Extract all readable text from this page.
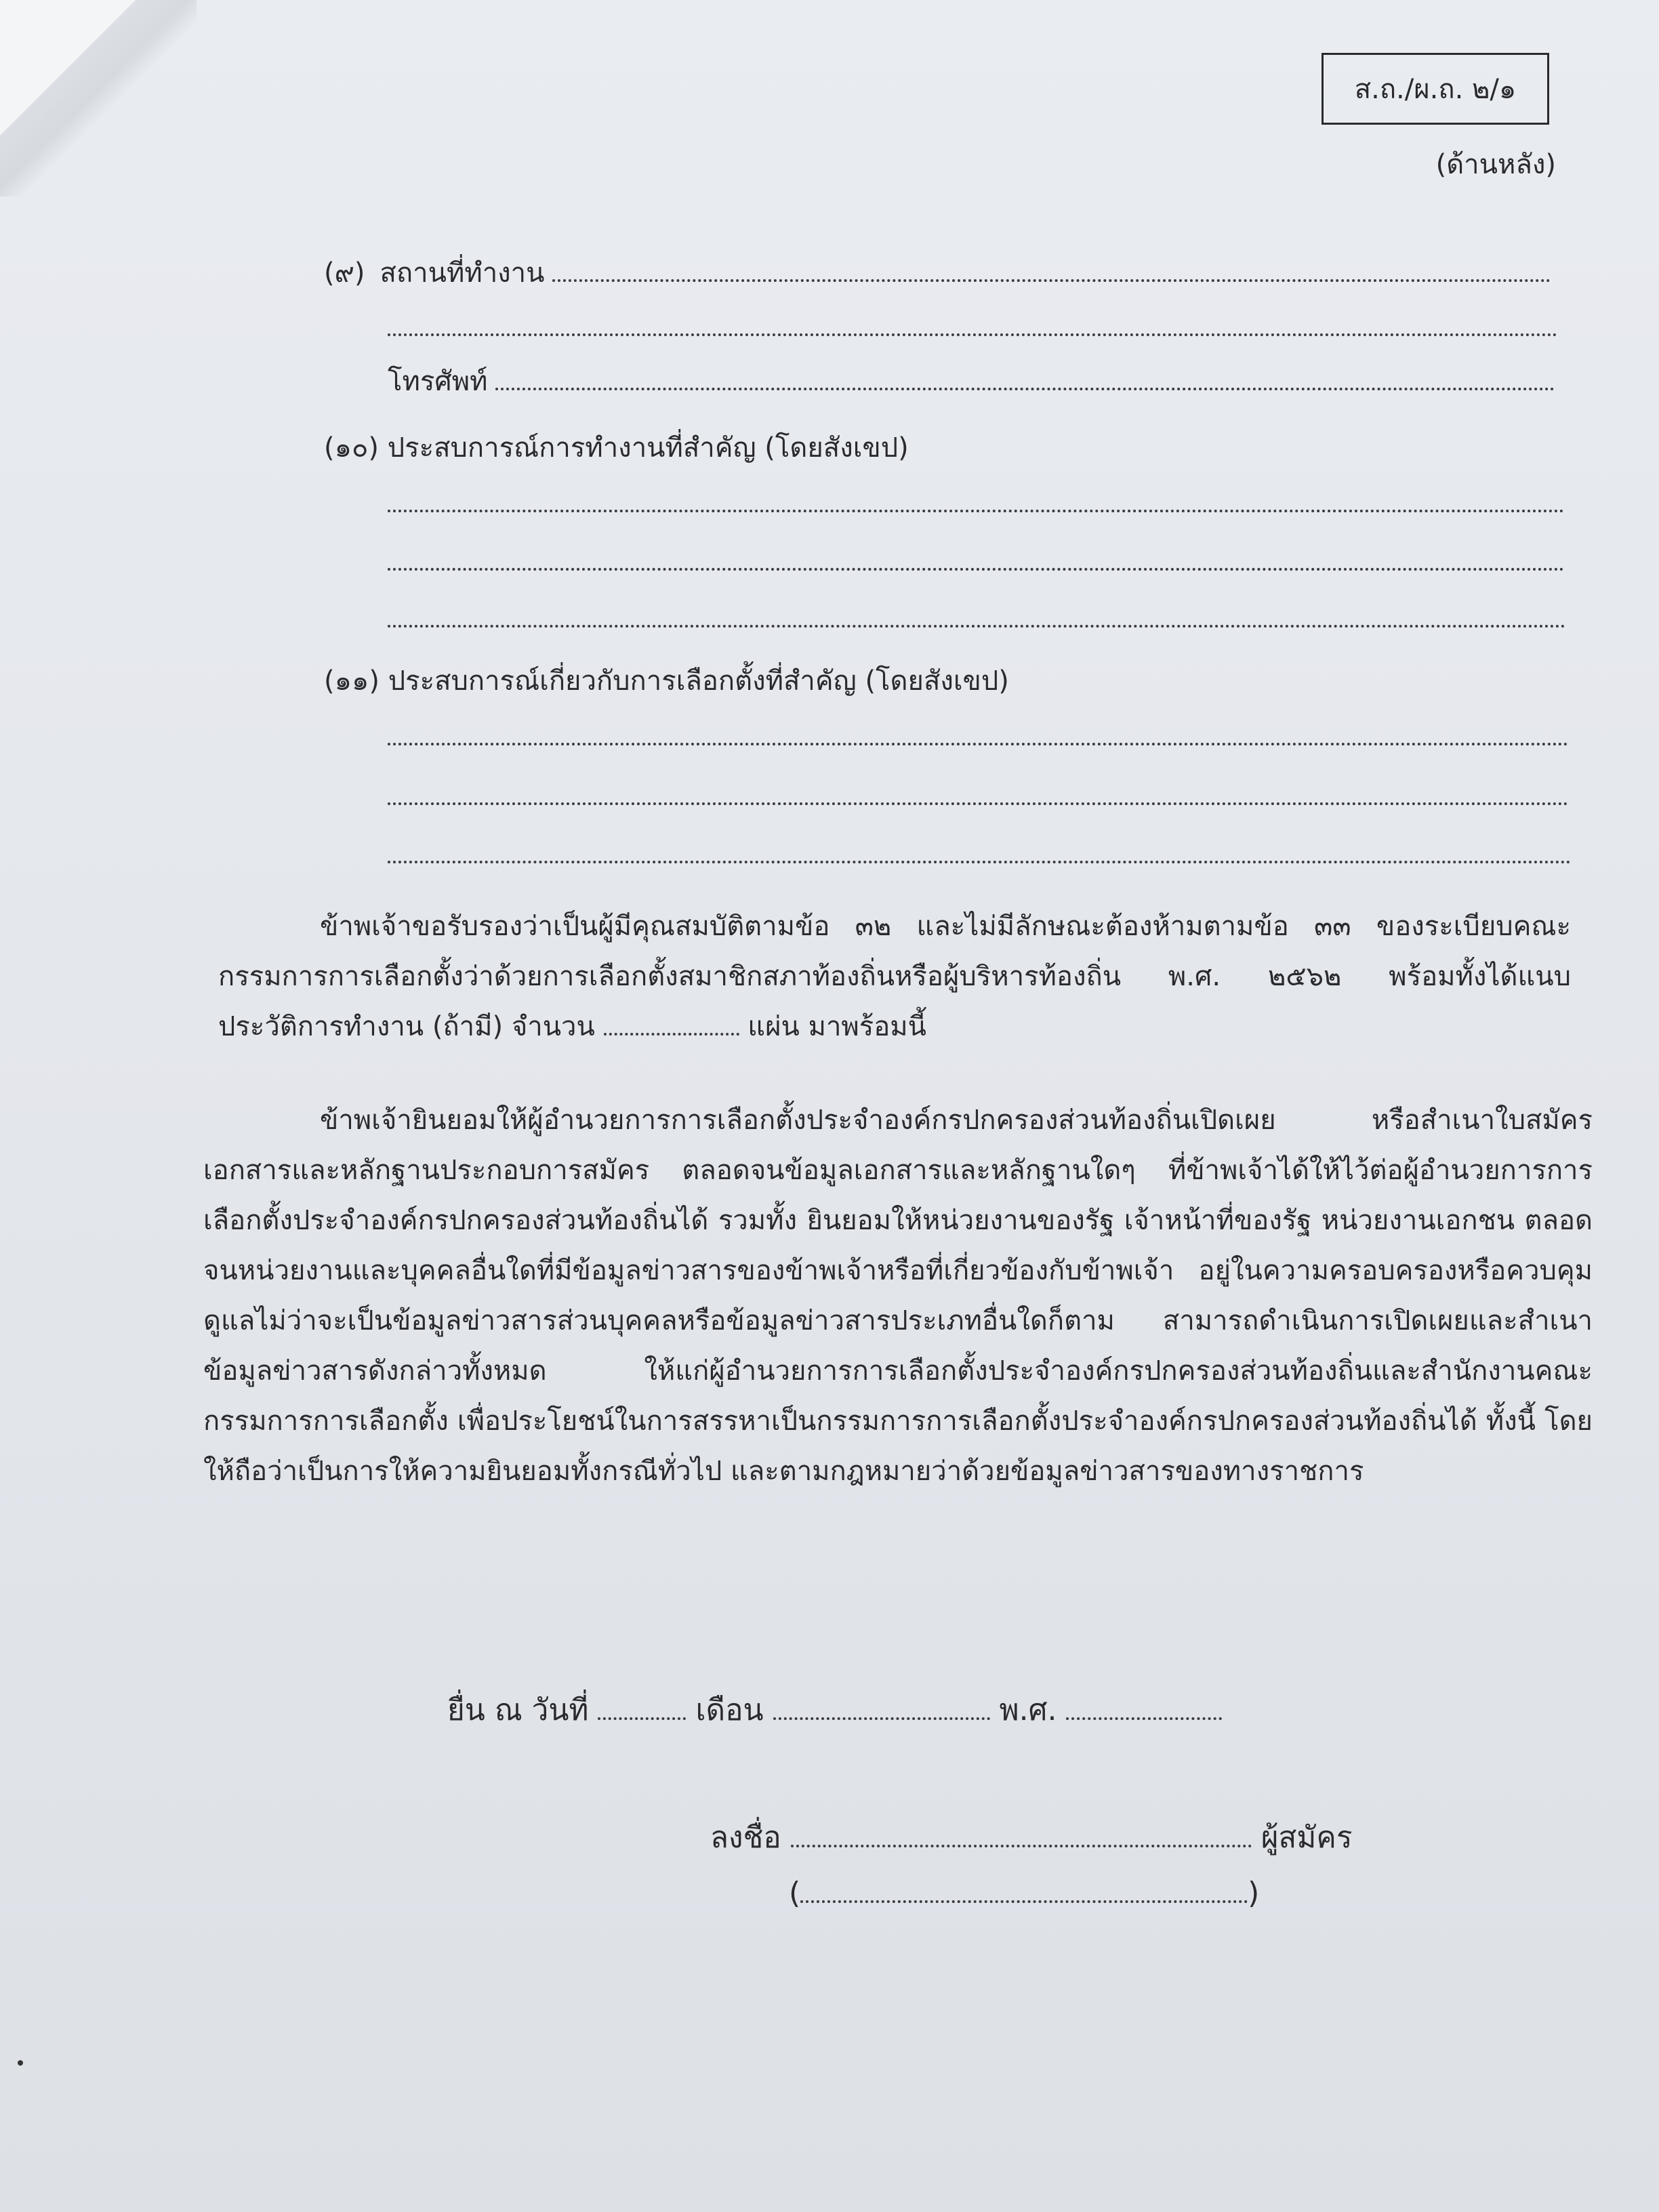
ส.ถ./ผ.ถ. ๒/๑
(ด้านหลัง)
(๙) สถานที่ทำงาน
โทรศัพท์
(๑๐) ประสบการณ์การทำงานที่สำคัญ (โดยสังเขป)
(๑๑) ประสบการณ์เกี่ยวกับการเลือกตั้งที่สำคัญ (โดยสังเขป)
ข้าพเจ้าขอรับรองว่าเป็นผู้มีคุณสมบัติตามข้อ ๓๒ และไม่มีลักษณะต้องห้ามตามข้อ ๓๓ ของระเบียบคณะกรรมการการเลือกตั้งว่าด้วยการเลือกตั้งสมาชิกสภาท้องถิ่นหรือผู้บริหารท้องถิ่น พ.ศ. ๒๕๖๒ พร้อมทั้งได้แนบประวัติการทำงาน (ถ้ามี) จำนวน	แผ่น มาพร้อมนี้
ข้าพเจ้ายินยอมให้ผู้อำนวยการการเลือกตั้งประจำองค์กรปกครองส่วนท้องถิ่นเปิดเผย หรือสำเนาใบสมัคร เอกสารและหลักฐานประกอบการสมัคร ตลอดจนข้อมูลเอกสารและหลักฐานใดๆ ที่ข้าพเจ้าได้ให้ไว้ต่อผู้อำนวยการการเลือกตั้งประจำองค์กรปกครองส่วนท้องถิ่นได้ รวมทั้ง ยินยอมให้หน่วยงานของรัฐ เจ้าหน้าที่ของรัฐ หน่วยงานเอกชน ตลอดจนหน่วยงานและบุคคลอื่นใดที่มีข้อมูลข่าวสารของข้าพเจ้าหรือที่เกี่ยวข้องกับข้าพเจ้า อยู่ในความครอบครองหรือควบคุมดูแลไม่ว่าจะเป็นข้อมูลข่าวสารส่วนบุคคลหรือข้อมูลข่าวสารประเภทอื่นใดก็ตาม สามารถดำเนินการเปิดเผยและสำเนาข้อมูลข่าวสารดังกล่าวทั้งหมด ให้แก่ผู้อำนวยการการเลือกตั้งประจำองค์กรปกครองส่วนท้องถิ่นและสำนักงานคณะกรรมการการเลือกตั้ง เพื่อประโยชน์ในการสรรหาเป็นกรรมการการเลือกตั้งประจำองค์กรปกครองส่วนท้องถิ่นได้ ทั้งนี้ โดยให้ถือว่าเป็นการให้ความยินยอมทั้งกรณีทั่วไป และตามกฎหมายว่าด้วยข้อมูลข่าวสารของทางราชการ
ยื่น ณ วันที่	เดือน	พ.ศ.
ลงชื่อ	ผู้สมัคร
(	)
